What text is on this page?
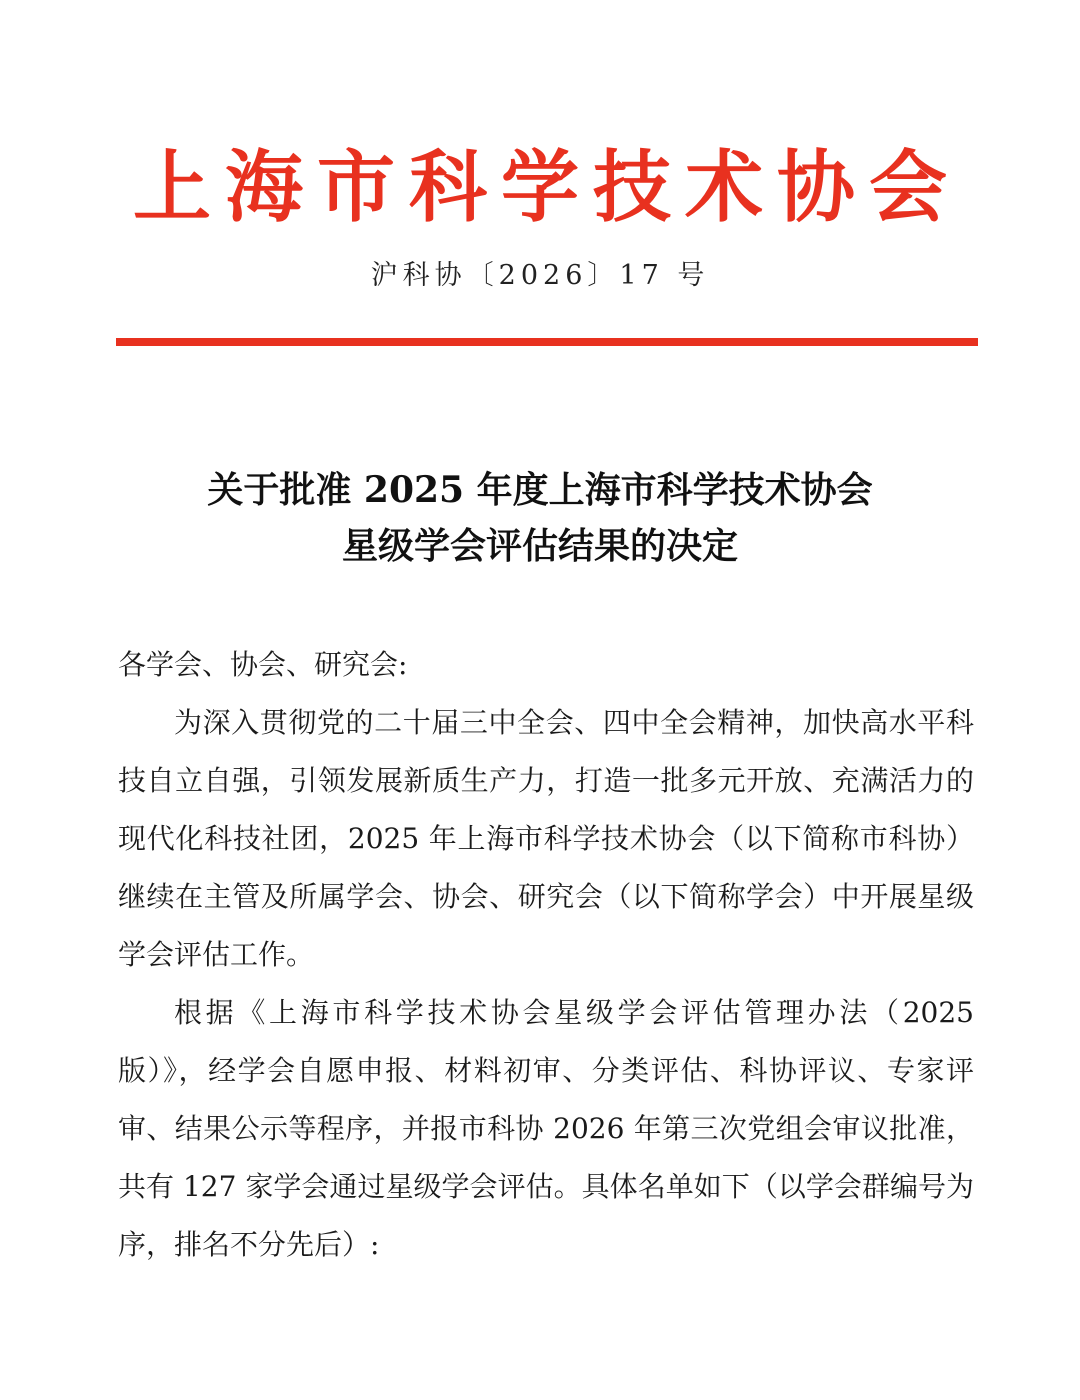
上海市科学技术协会
沪科协〔2026〕17 号
关于批准 2025 年度上海市科学技术协会
星级学会评估结果的决定

各学会、协会、研究会:

为深入贯彻党的二十届三中全会、四中全会精神，加快高水平科技自立自强，引领发展新质生产力，打造一批多元开放、充满活力的现代化科技社团，2025 年上海市科学技术协会（以下简称市科协）继续在主管及所属学会、协会、研究会（以下简称学会）中开展星级学会评估工作。

根据《上海市科学技术协会星级学会评估管理办法（2025 版）》，经学会自愿申报、材料初审、分类评估、科协评议、专家评审、结果公示等程序，并报市科协 2026 年第三次党组会审议批准，共有 127 家学会通过星级学会评估。具体名单如下（以学会群编号为序，排名不分先后）:
